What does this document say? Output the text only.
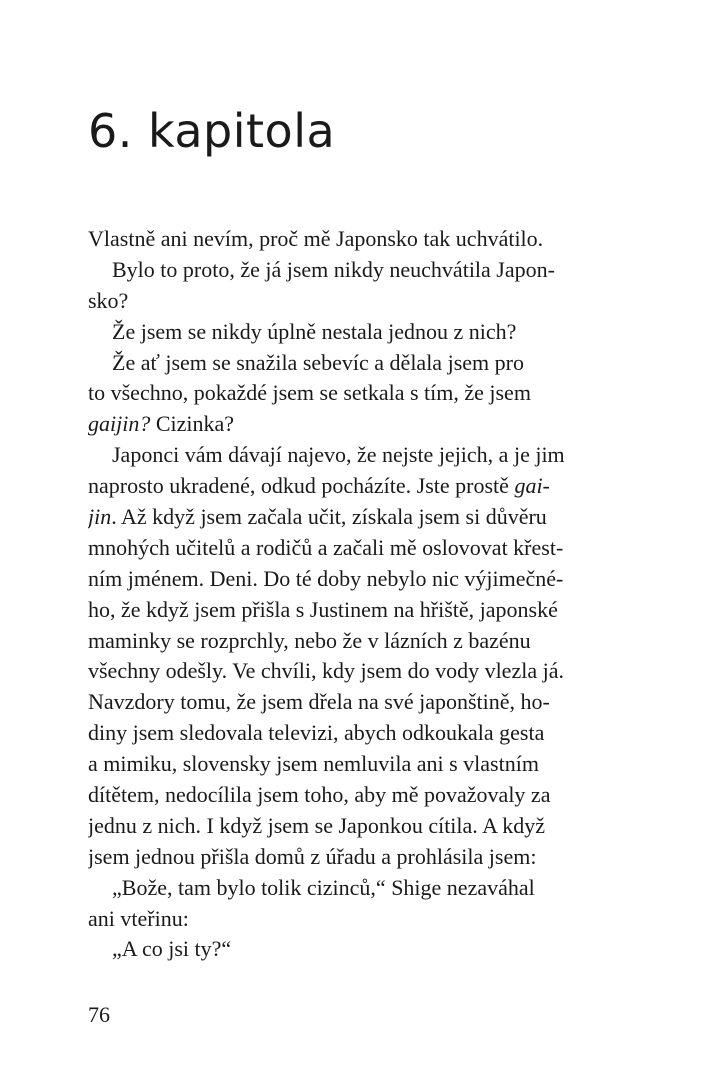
6. kapitola
Vlastně ani nevím, proč mě Japonsko tak uchvátilo.
Bylo to proto, že já jsem nikdy neuchvátila Japon-
sko?
Že jsem se nikdy úplně nestala jednou z nich?
Že ať jsem se snažila sebevíc a dělala jsem pro
to všechno, pokaždé jsem se setkala s tím, že jsem
gaijin? Cizinka?
Japonci vám dávají najevo, že nejste jejich, a je jim
naprosto ukradené, odkud pocházíte. Jste prostě gai-
jin. Až když jsem začala učit, získala jsem si důvěru
mnohých učitelů a rodičů a začali mě oslovovat křest-
ním jménem. Deni. Do té doby nebylo nic výjimečné-
ho, že když jsem přišla s Justinem na hřiště, japonské
maminky se rozprchly, nebo že v lázních z bazénu
všechny odešly. Ve chvíli, kdy jsem do vody vlezla já.
Navzdory tomu, že jsem dřela na své japonštině, ho-
diny jsem sledovala televizi, abych odkoukala gesta
a mimiku, slovensky jsem nemluvila ani s vlastním
dítětem, nedocílila jsem toho, aby mě považovaly za
jednu z nich. I když jsem se Japonkou cítila. A když
jsem jednou přišla domů z úřadu a prohlásila jsem:
„Bože, tam bylo tolik cizinců,“ Shige nezaváhal
ani vteřinu:
„A co jsi ty?“
76
